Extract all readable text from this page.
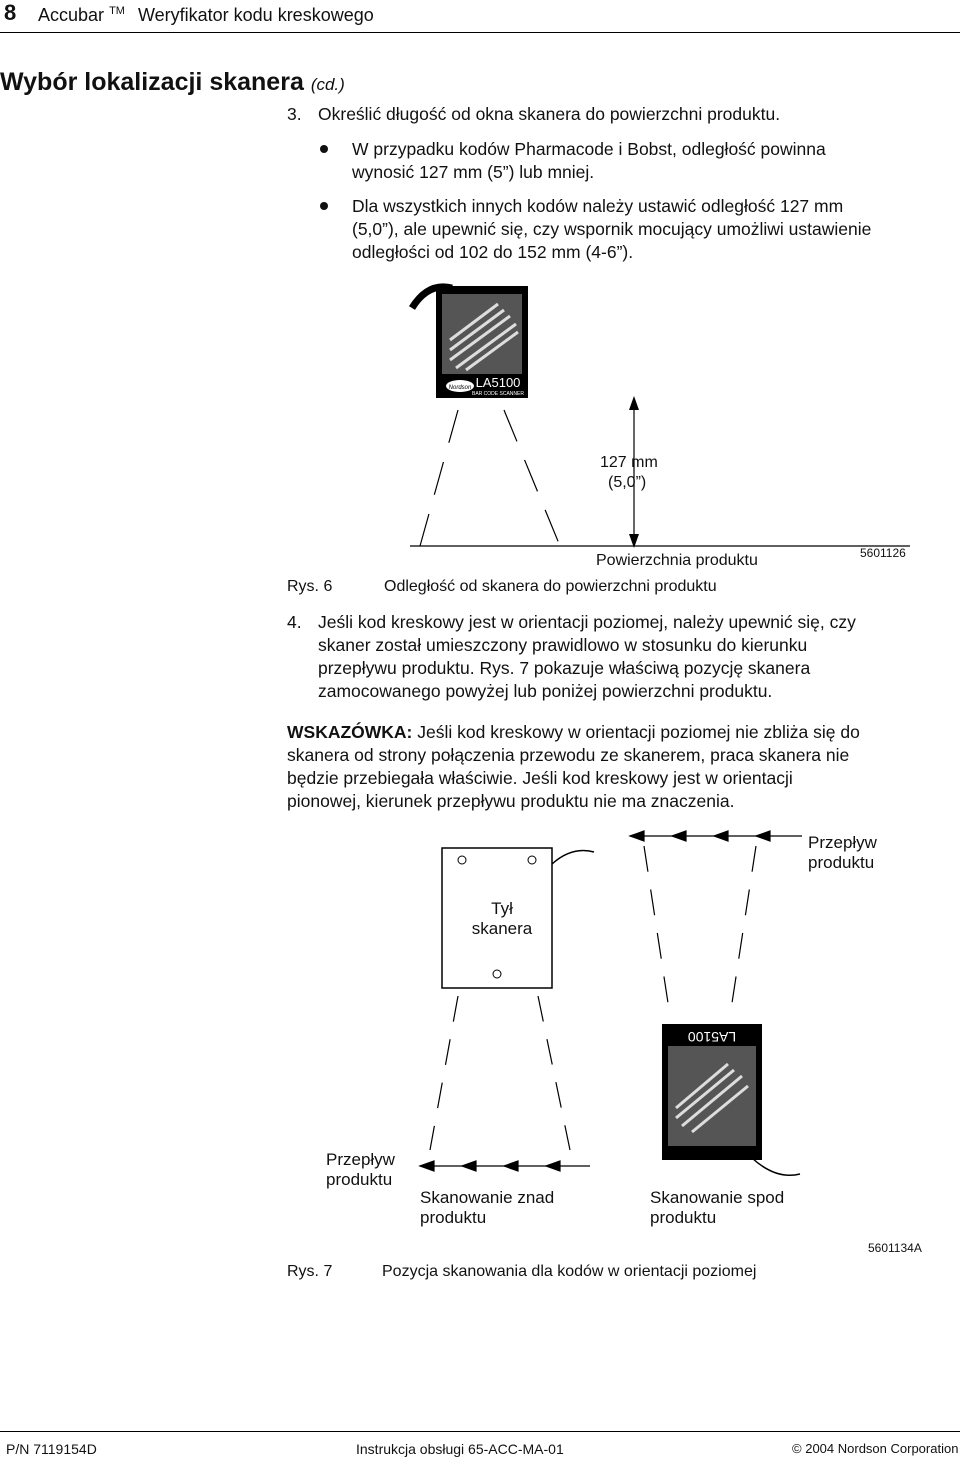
8 Accubar ™ Weryfikator kodu kreskowego
Wybór lokalizacji skanera (cd.)
3. Określić długość od okna skanera do powierzchni produktu.
W przypadku kodów Pharmacode i Bobst, odległość powinna
wynosić 127 mm (5”) lub mniej.
Dla wszystkich innych kodów należy ustawić odległość 127 mm
(5,0”), ale upewnić się, czy wspornik mocujący umożliwi ustawienie
odległości od 102 do 152 mm (4-6”).
Nordson LA5100
BAR CODE SCANNER
127 mm
(5,0”)
Powierzchnia produktu	5601126
Rys. 6	Odległość od skanera do powierzchni produktu
4. Jeśli kod kreskowy jest w orientacji poziomej, należy upewnić się, czy
skaner został umieszczony prawidlowo w stosunku do kierunku
przepływu produktu. Rys. 7 pokazuje właściwą pozycję skanera
zamocowanego powyżej lub poniżej powierzchni produktu.
WSKAZÓWKA: Jeśli kod kreskowy w orientacji poziomej nie zbliża się do
skanera od strony połączenia przewodu ze skanerem, praca skanera nie
będzie przebiegała właściwie. Jeśli kod kreskowy jest w orientacji
pionowej, kierunek przepływu produktu nie ma znaczenia.
LA5100
Przepływ
produktu
Tył
skanera
Przepływ
produktu
Skanowanie znad
produktu
Skanowanie spod
produktu
5601134A
Rys. 7	Pozycja skanowania dla kodów w orientacji poziomej
P/N 7119154D	Instrukcja obsługi 65-ACC-MA-01	© 2004 Nordson Corporation
